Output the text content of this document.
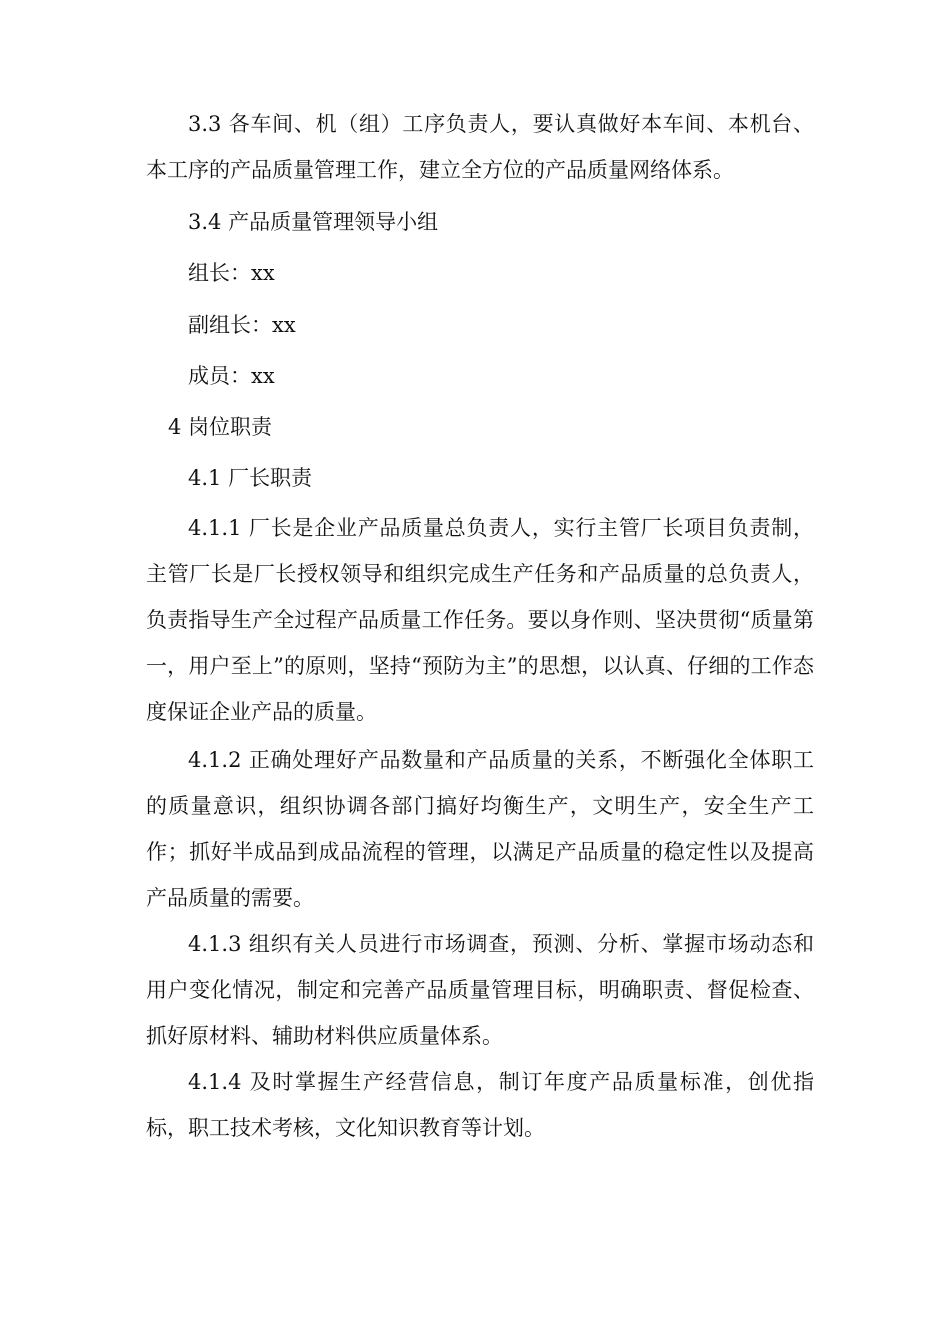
3.3 各车间、机（组）工序负责人，要认真做好本车间、本机台、本工序的产品质量管理工作，建立全方位的产品质量网络体系。

3.4 产品质量管理领导小组

组长：xx

副组长：xx

成员：xx

4 岗位职责

4.1 厂长职责

4.1.1 厂长是企业产品质量总负责人，实行主管厂长项目负责制，主管厂长是厂长授权领导和组织完成生产任务和产品质量的总负责人，负责指导生产全过程产品质量工作任务。要以身作则、坚决贯彻“质量第一，用户至上”的原则，坚持“预防为主”的思想，以认真、仔细的工作态度保证企业产品的质量。

4.1.2 正确处理好产品数量和产品质量的关系，不断强化全体职工的质量意识，组织协调各部门搞好均衡生产，文明生产，安全生产工作；抓好半成品到成品流程的管理，以满足产品质量的稳定性以及提高产品质量的需要。

4.1.3 组织有关人员进行市场调查，预测、分析、掌握市场动态和用户变化情况，制定和完善产品质量管理目标，明确职责、督促检查、抓好原材料、辅助材料供应质量体系。

4.1.4 及时掌握生产经营信息，制订年度产品质量标准，创优指标，职工技术考核，文化知识教育等计划。
